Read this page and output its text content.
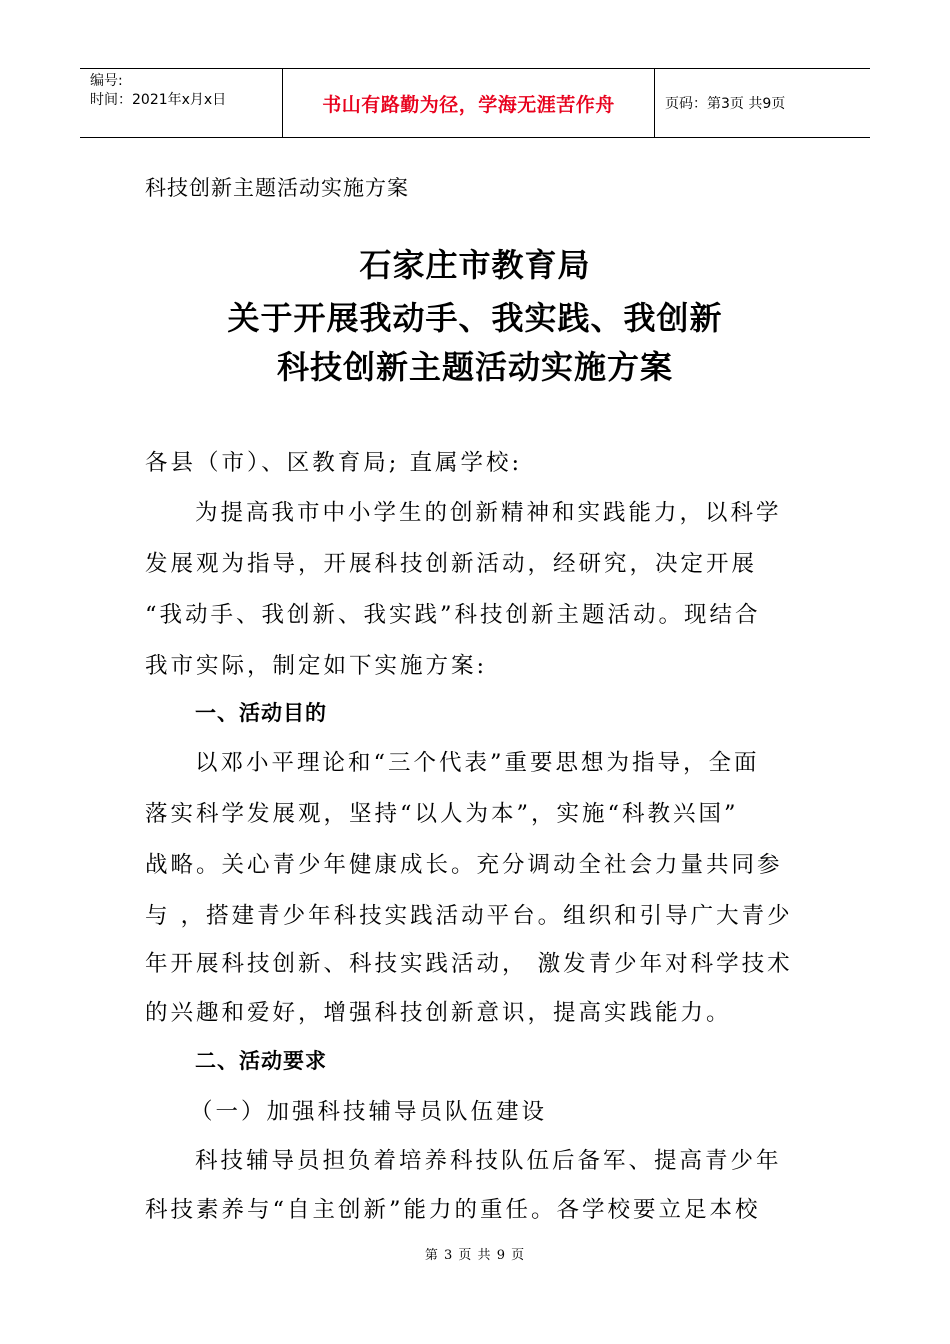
编号:
时间：2021年x月x日	书山有路勤为径，学海无涯苦作舟	页码：第3页 共9页
科技创新主题活动实施方案
石家庄市教育局
关于开展我动手、我实践、我创新
科技创新主题活动实施方案
各县（市）、区教育局; 直属学校:
为提高我市中小学生的创新精神和实践能力，以科学
发展观为指导，开展科技创新活动，经研究，决定开展
“我动手、我创新、我实践”科技创新主题活动。现结合
我市实际，制定如下实施方案:
一、活动目的
以邓小平理论和“三个代表”重要思想为指导，全面
落实科学发展观，坚持“以人为本”，实施“科教兴国”
战略。关心青少年健康成长。充分调动全社会力量共同参
与 ，搭建青少年科技实践活动平台。组织和引导广大青少
年开展科技创新、科技实践活动， 激发青少年对科学技术
的兴趣和爱好，增强科技创新意识，提高实践能力。
二、活动要求
（一）加强科技辅导员队伍建设
科技辅导员担负着培养科技队伍后备军、提高青少年
科技素养与“自主创新”能力的重任。各学校要立足本校
第 3 页 共 9 页
